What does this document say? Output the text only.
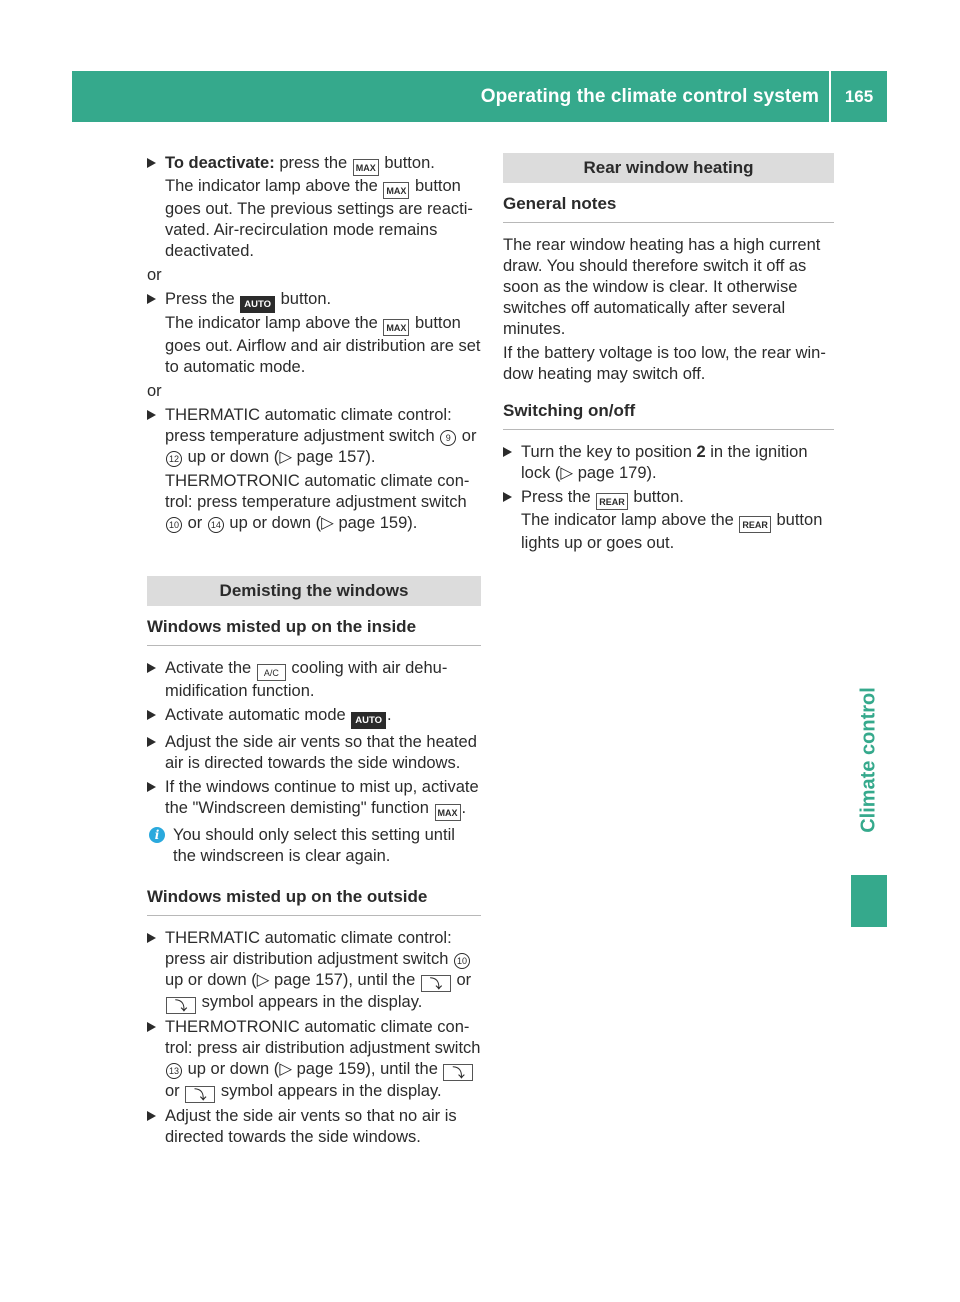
Operating the climate control system	165
Climate control
To deactivate: press the MAX button.
The indicator lamp above the MAX button goes out. The previous settings are reacti- vated. Air-recirculation mode remains deactivated.
or
Press the AUTO button.
The indicator lamp above the MAX button goes out. Airflow and air distribution are set to automatic mode.
or
THERMATIC automatic climate control: press temperature adjustment switch 9 or 12 up or down (▷ page 157).
THERMOTRONIC automatic climate con- trol: press temperature adjustment switch 10 or 14 up or down (▷ page 159).
Demisting the windows
Windows misted up on the inside
Activate the A/C cooling with air dehu- midification function.
Activate automatic mode AUTO .
Adjust the side air vents so that the heated air is directed towards the side windows.
If the windows continue to mist up, activate the "Windscreen demisting" function MAX .
i You should only select this setting until the windscreen is clear again.
Windows misted up on the outside
THERMATIC automatic climate control: press air distribution adjustment switch 10 up or down (▷ page 157), until the ⤵ or ⤵ symbol appears in the display.
THERMOTRONIC automatic climate con- trol: press air distribution adjustment switch 13 up or down (▷ page 159), until the ⤵ or ⤵ symbol appears in the display.
Adjust the side air vents so that no air is directed towards the side windows.
Rear window heating
General notes
The rear window heating has a high current draw. You should therefore switch it off as soon as the window is clear. It otherwise switches off automatically after several minutes.
If the battery voltage is too low, the rear win- dow heating may switch off.
Switching on/off
Turn the key to position 2 in the ignition lock (▷ page 179).
Press the REAR button.
The indicator lamp above the REAR button lights up or goes out.
